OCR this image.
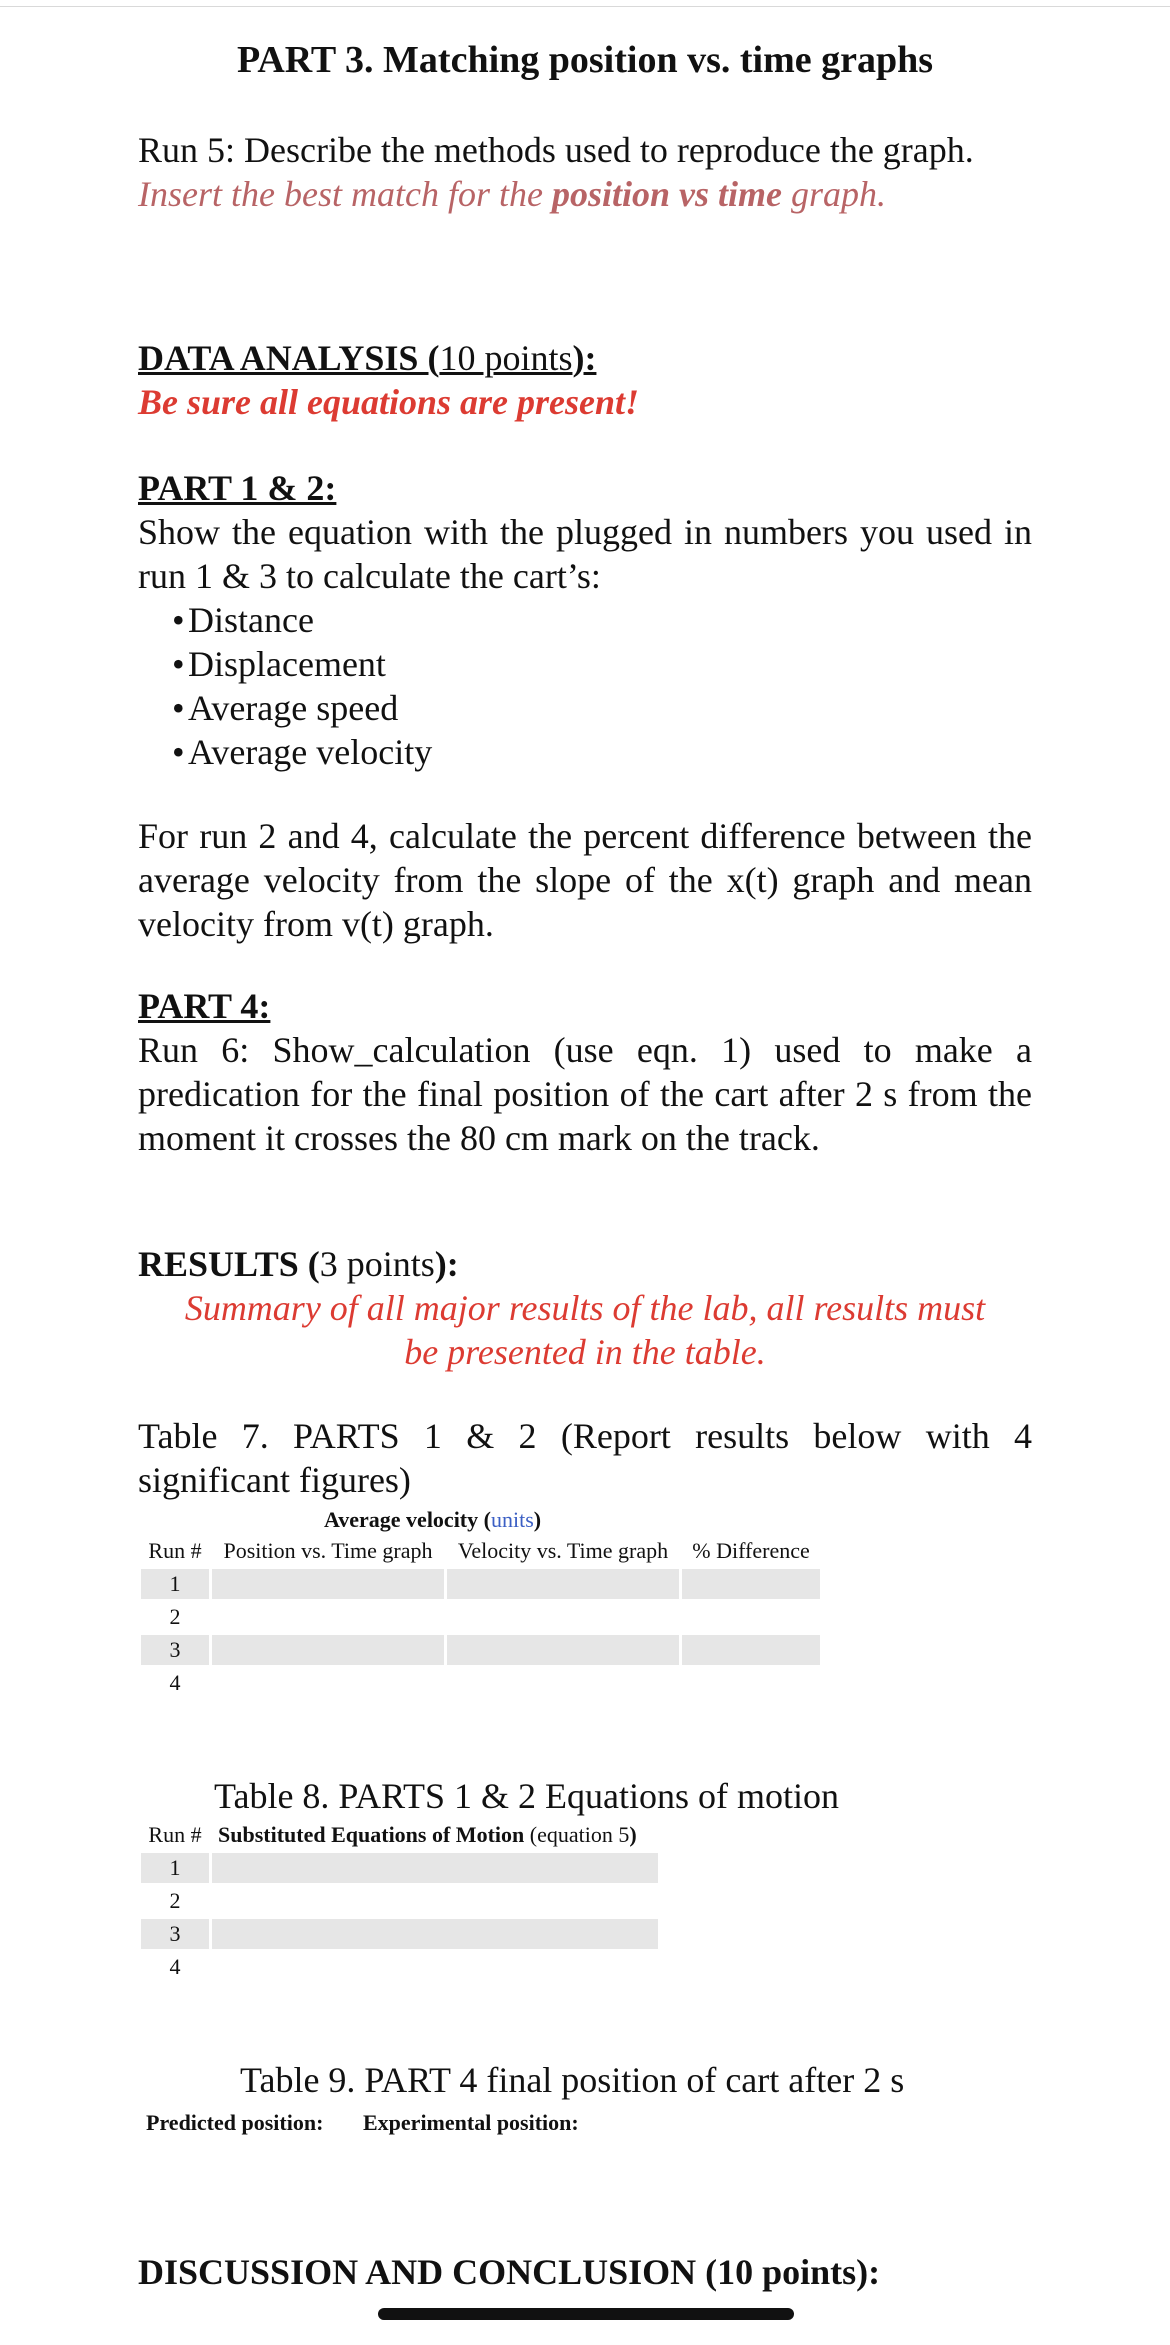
PART 3. Matching position vs. time graphs
Run 5: Describe the methods used to reproduce the graph.
Insert the best match for the position vs time graph.
DATA ANALYSIS (10 points):
Be sure all equations are present!
PART 1 & 2:
Show the equation with the plugged in numbers you used in run 1 & 3 to calculate the cart’s:
•Distance
•Displacement
•Average speed
•Average velocity
For run 2 and 4, calculate the percent difference between the average velocity from the slope of the x(t) graph and mean velocity from v(t) graph.
PART 4:
Run 6: Show_calculation (use eqn. 1) used to make a predication for the final position of the cart after 2 s from the moment it crosses the 80 cm mark on the track.
RESULTS (3 points):
Summary of all major results of the lab, all results must
be presented in the table.
Table 7. PARTS 1 & 2 (Report results below with 4 significant figures)
Average velocity (units)
Run #	Position vs. Time graph	Velocity vs. Time graph	% Difference
1			
2			
3			
4			
Table 8. PARTS 1 & 2 Equations of motion
Run #	Substituted Equations of Motion (equation 5)
1	
2	
3	
4	
Table 9. PART 4 final position of cart after 2 s
Predicted position: Experimental position:
DISCUSSION AND CONCLUSION (10 points):
